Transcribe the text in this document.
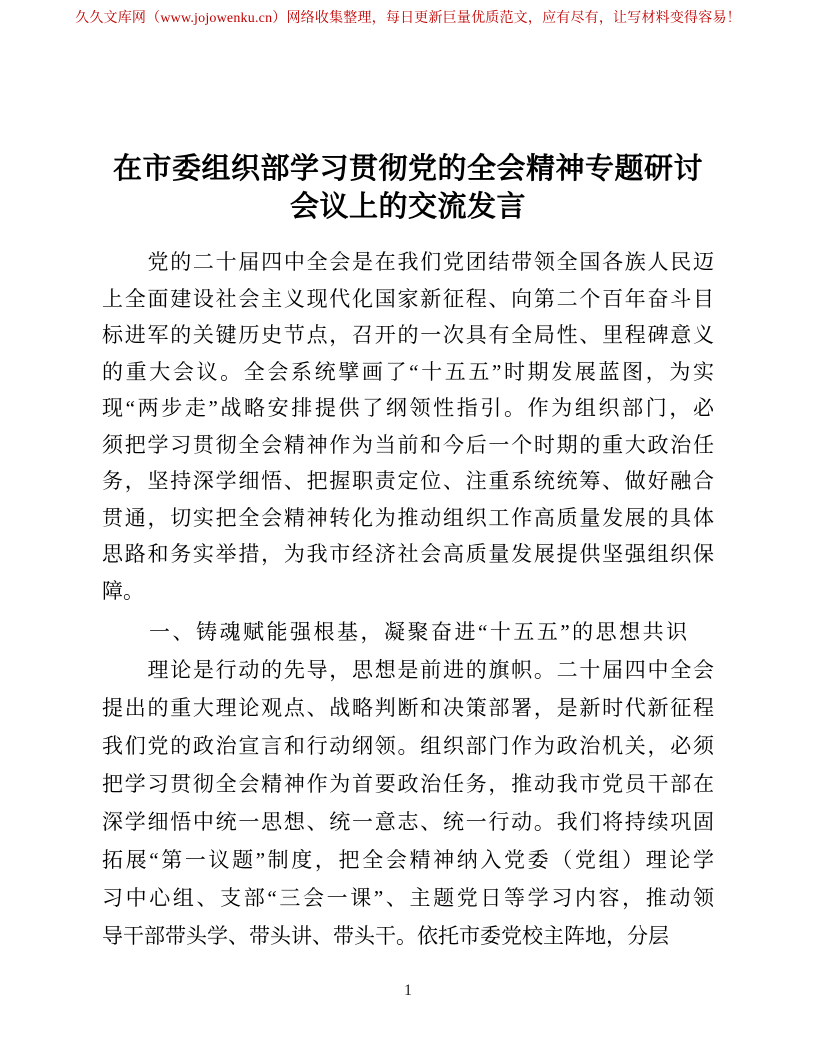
久久文库网（www.jojowenku.cn）网络收集整理，每日更新巨量优质范文，应有尽有，让写材料变得容易！
在市委组织部学习贯彻党的全会精神专题研讨
会议上的交流发言
　　党的二十届四中全会是在我们党团结带领全国各族人民迈
上全面建设社会主义现代化国家新征程、向第二个百年奋斗目
标进军的关键历史节点，召开的一次具有全局性、里程碑意义
的重大会议。全会系统擘画了“十五五”时期发展蓝图，为实
现“两步走”战略安排提供了纲领性指引。作为组织部门，必
须把学习贯彻全会精神作为当前和今后一个时期的重大政治任
务，坚持深学细悟、把握职责定位、注重系统统筹、做好融合
贯通，切实把全会精神转化为推动组织工作高质量发展的具体
思路和务实举措，为我市经济社会高质量发展提供坚强组织保
障。
　　一、铸魂赋能强根基，凝聚奋进“十五五”的思想共识
　　理论是行动的先导，思想是前进的旗帜。二十届四中全会
提出的重大理论观点、战略判断和决策部署，是新时代新征程
我们党的政治宣言和行动纲领。组织部门作为政治机关，必须
把学习贯彻全会精神作为首要政治任务，推动我市党员干部在
深学细悟中统一思想、统一意志、统一行动。我们将持续巩固
拓展“第一议题”制度，把全会精神纳入党委（党组）理论学
习中心组、支部“三会一课”、主题党日等学习内容，推动领
导干部带头学、带头讲、带头干。依托市委党校主阵地，分层
1
